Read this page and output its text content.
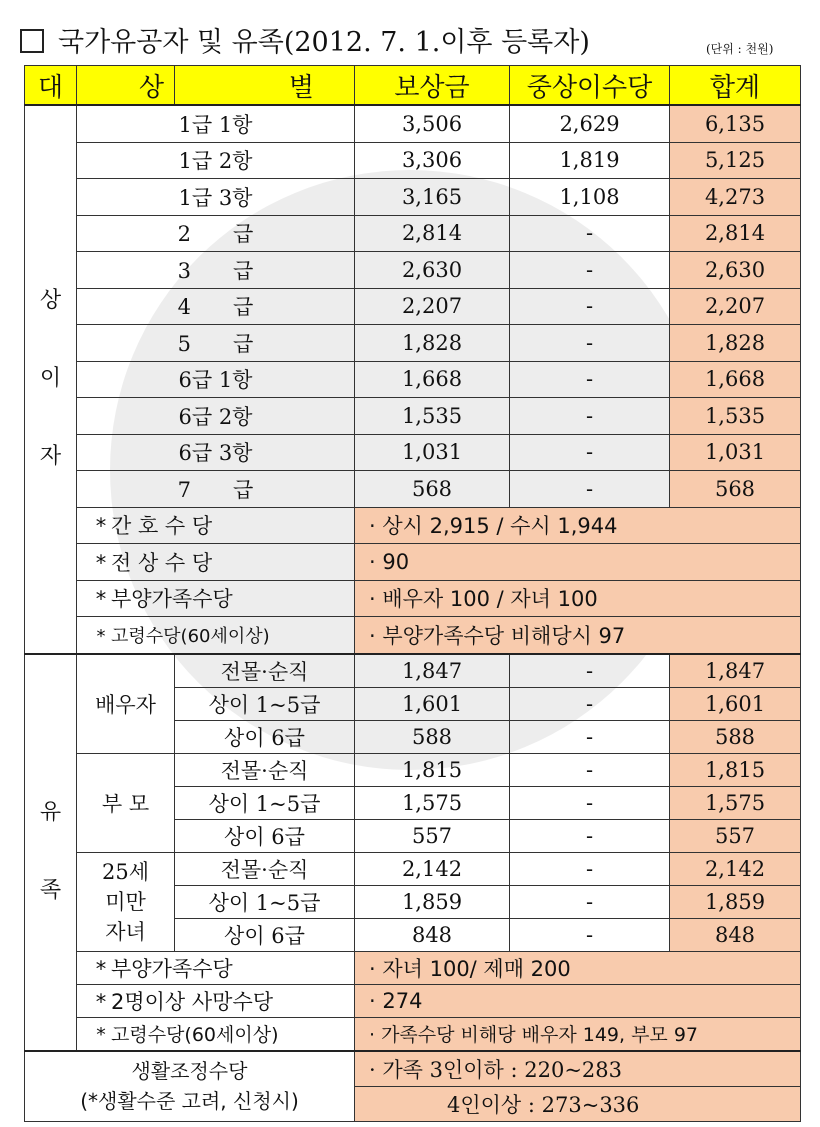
국가유공자 및 유족(2012. 7. 1.이후 등록자)	(단위 : 천원)
대	상	별	보상금	중상이수당	합계

상
이
자	1급 1항		3,506	2,629	6,135
	1급 2항		3,306	1,819	5,125
	1급 3항		3,165	1,108	4,273
	2　　급		2,814	-	2,814
	3　　급		2,630	-	2,630
	4　　급		2,207	-	2,207
	5　　급		1,828	-	1,828
	6급 1항		1,668	-	1,668
	6급 2항		1,535	-	1,535
	6급 3항		1,031	-	1,031
	7　　급		568	-	568
	* 간 호 수 당		· 상시 2,915 / 수시 1,944		
	* 전 상 수 당		· 90		
	* 부양가족수당		· 배우자 100 / 자녀 100		
	* 고령수당(60세이상)		· 부양가족수당 비해당시 97		

유
족	배우자	전몰·순직	1,847	-	1,847
		상이 1~5급	1,601	-	1,601
		상이 6급	588	-	588
	부 모	전몰·순직	1,815	-	1,815
		상이 1~5급	1,575	-	1,575
		상이 6급	557	-	557

	25세
미만
자녀	전몰·순직	2,142	-	2,142
		상이 1~5급	1,859	-	1,859
		상이 6급	848	-	848
	* 부양가족수당		· 자녀 100/ 제매 200		
	* 2명이상 사망수당		· 274		
	* 고령수당(60세이상)		· 가족수당 비해당 배우자 149, 부모 97		

생활조정수당
(*생활수준 고려, 신청시)			· 가족 3인이하 : 220~283		
			4인이상 : 273~336		
